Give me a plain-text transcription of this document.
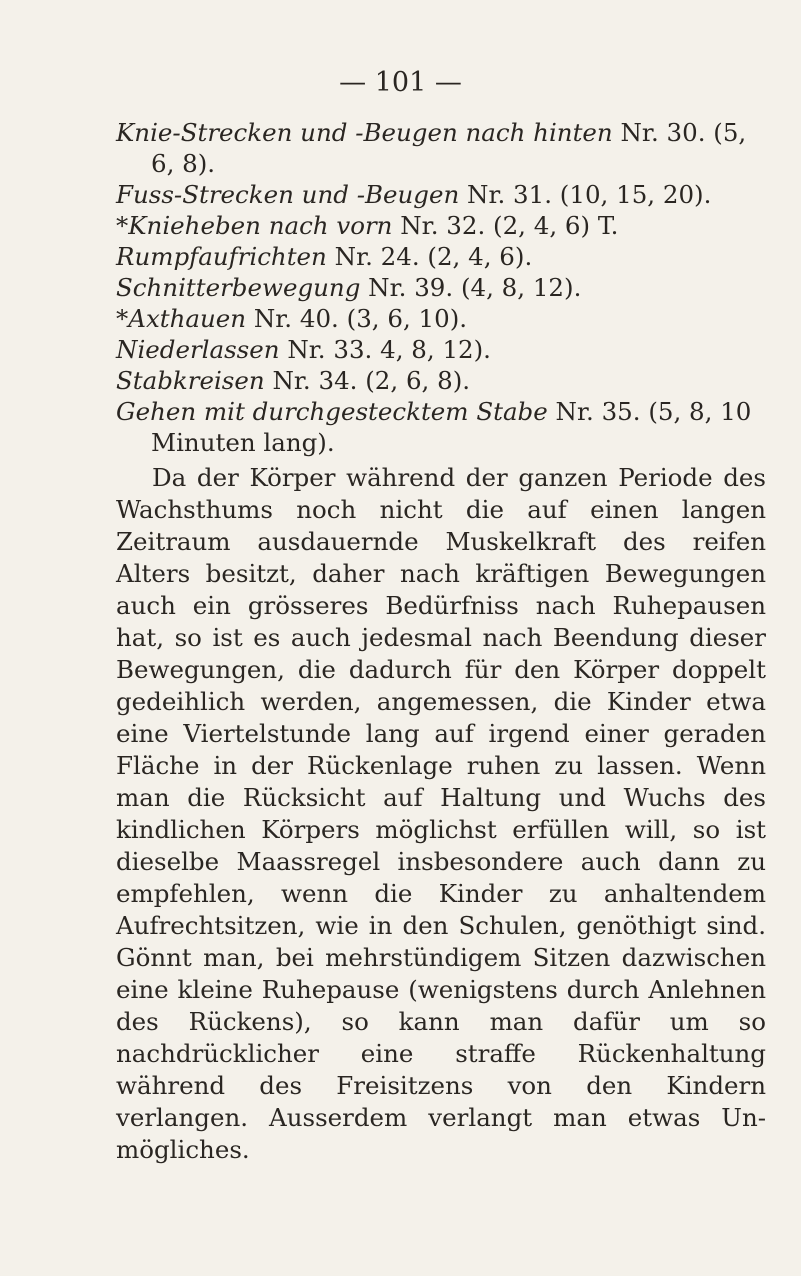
— 101 —
Knie-Strecken und -Beugen nach hinten Nr. 30. (5, 6, 8).
Fuss-Strecken und -Beugen Nr. 31. (10, 15, 20).
*Knieheben nach vorn Nr. 32. (2, 4, 6) T.
Rumpfaufrichten Nr. 24. (2, 4, 6).
Schnitterbewegung Nr. 39. (4, 8, 12).
*Axthauen Nr. 40. (3, 6, 10).
Niederlassen Nr. 33. 4, 8, 12).
Stabkreisen Nr. 34. (2, 6, 8).
Gehen mit durchgestecktem Stabe Nr. 35. (5, 8, 10 Minuten lang).

Da der Körper während der ganzen Periode des Wachsthums noch nicht die auf einen langen Zeitraum ausdauernde Muskelkraft des reifen Alters besitzt, daher nach kräftigen Bewegungen auch ein grösseres Bedürfniss nach Ruhepausen hat, so ist es auch jedesmal nach Beendung dieser Bewegungen, die dadurch für den Körper doppelt gedeihlich werden, angemessen, die Kinder etwa eine Viertelstunde lang auf irgend einer geraden Fläche in der Rückenlage ruhen zu lassen. Wenn man die Rücksicht auf Haltung und Wuchs des kindlichen Körpers möglichst erfüllen will, so ist dieselbe Maassregel insbesondere auch dann zu empfehlen, wenn die Kinder zu anhaltendem Aufrechtsitzen, wie in den Schulen, genöthigt sind. Gönnt man, bei mehrstündigem Sitzen dazwischen eine kleine Ruhepause (wenigstens durch Anlehnen des Rückens), so kann man dafür um so nachdrücklicher eine straffe Rückenhaltung während des Freisitzens von den Kindern verlangen. Ausserdem verlangt man etwas Unmögliches.
